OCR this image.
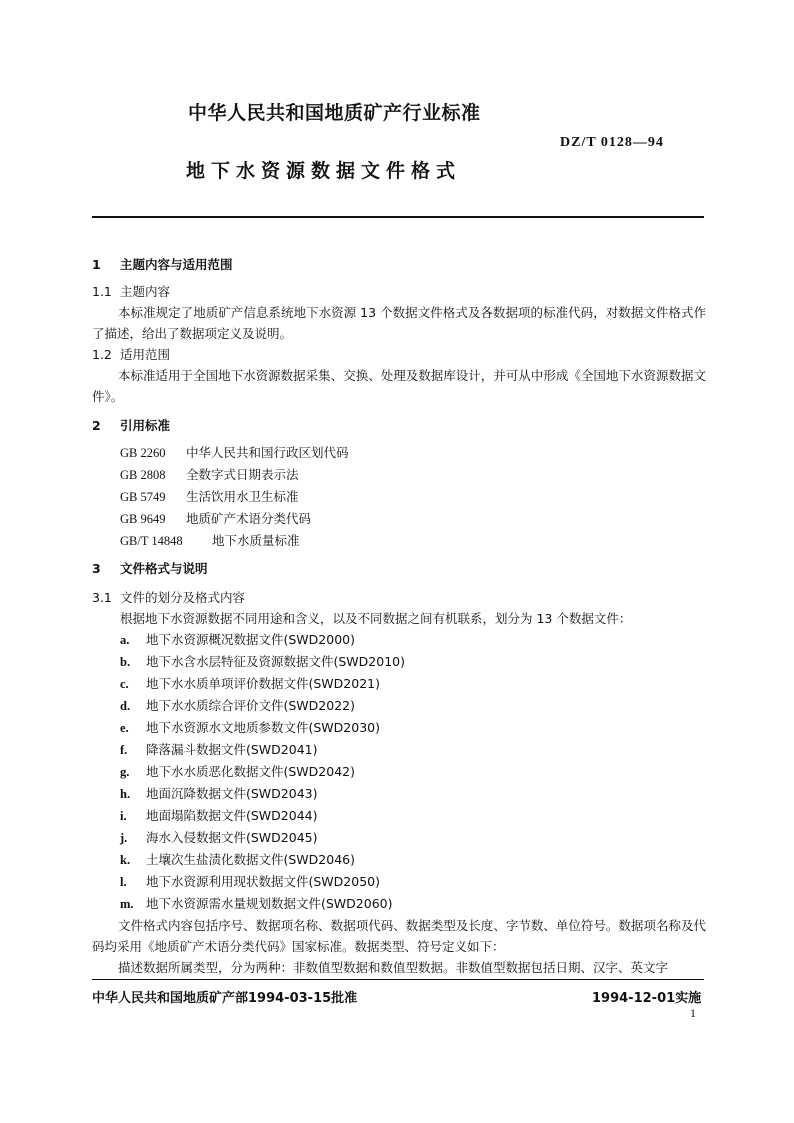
中华人民共和国地质矿产行业标准
DZ/T 0128—94
地下水资源数据文件格式
1 主题内容与适用范围
1.1 主题内容
本标准规定了地质矿产信息系统地下水资源 13 个数据文件格式及各数据项的标准代码，对数据文件格式作了描述，给出了数据项定义及说明。
1.2 适用范围
本标准适用于全国地下水资源数据采集、交换、处理及数据库设计，并可从中形成《全国地下水资源数据文件》。
2 引用标准
GB 2260 中华人民共和国行政区划代码
GB 2808 全数字式日期表示法
GB 5749 生活饮用水卫生标准
GB 9649 地质矿产术语分类代码
GB/T 14848 地下水质量标准
3 文件格式与说明
3.1 文件的划分及格式内容
根据地下水资源数据不同用途和含义，以及不同数据之间有机联系，划分为 13 个数据文件：
a. 地下水资源概况数据文件(SWD2000)
b. 地下水含水层特征及资源数据文件(SWD2010)
c. 地下水水质单项评价数据文件(SWD2021)
d. 地下水水质综合评价文件(SWD2022)
e. 地下水资源水文地质参数文件(SWD2030)
f. 降落漏斗数据文件(SWD2041)
g. 地下水水质恶化数据文件(SWD2042)
h. 地面沉降数据文件(SWD2043)
i. 地面塌陷数据文件(SWD2044)
j. 海水入侵数据文件(SWD2045)
k. 土壤次生盐渍化数据文件(SWD2046)
l. 地下水资源利用现状数据文件(SWD2050)
m. 地下水资源需水量规划数据文件(SWD2060)
文件格式内容包括序号、数据项名称、数据项代码、数据类型及长度、字节数、单位符号。数据项名称及代码均采用《地质矿产术语分类代码》国家标准。数据类型、符号定义如下：
描述数据所属类型，分为两种：非数值型数据和数值型数据。非数值型数据包括日期、汉字、英文字
中华人民共和国地质矿产部1994-03-15批准	1994-12-01实施
1
